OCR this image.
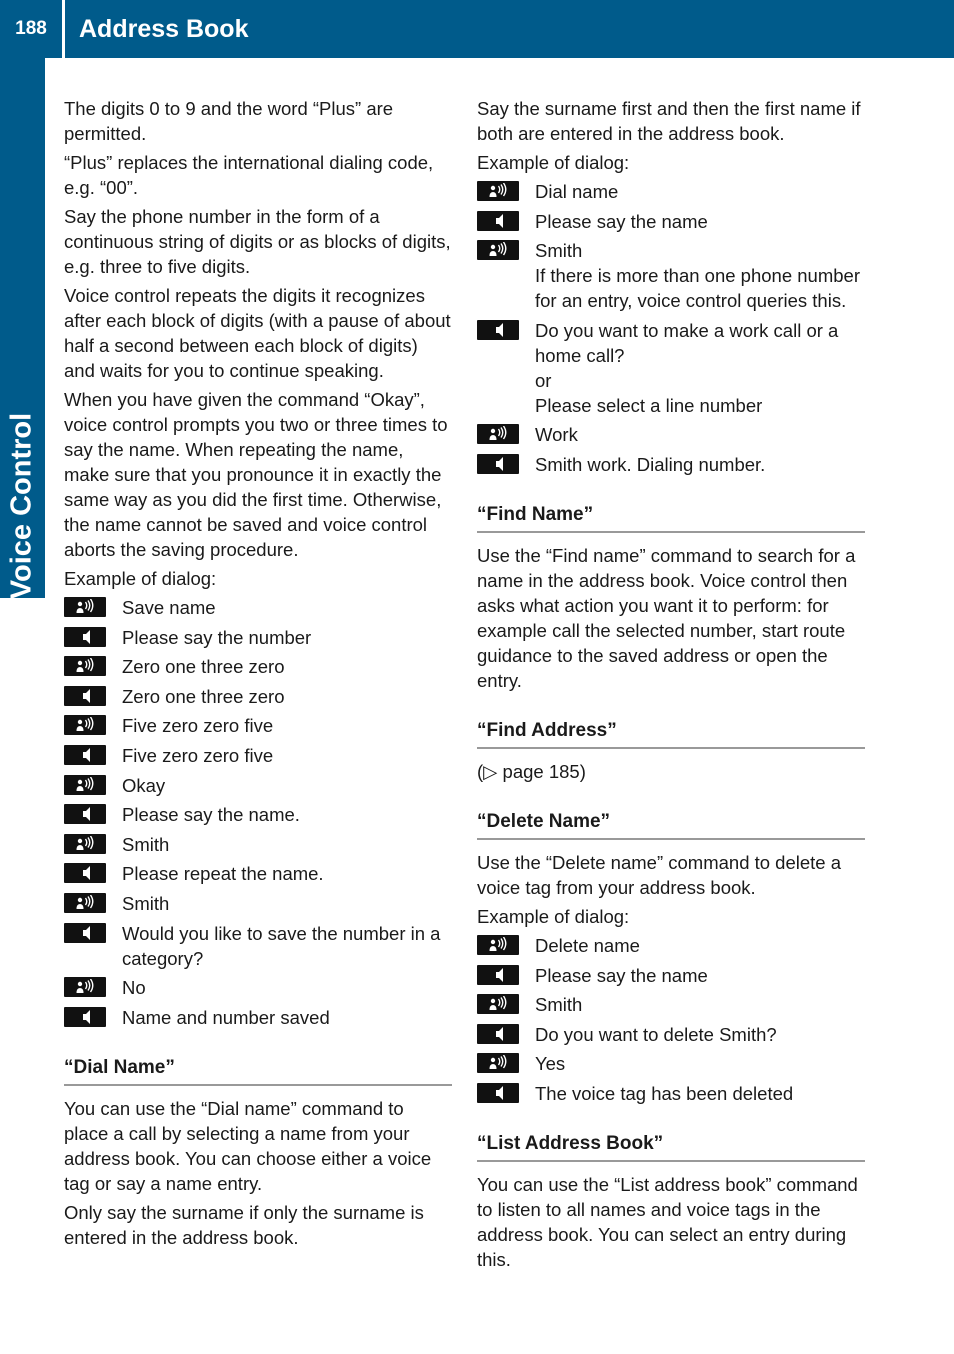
188	Address Book
Voice Control

The digits 0 to 9 and the word “Plus” are permitted.

“Plus” replaces the international dialing code, e.g. “00”.

Say the phone number in the form of a continuous string of digits or as blocks of digits, e.g. three to five digits.

Voice control repeats the digits it recognizes after each block of digits (with a pause of about half a second between each block of digits) and waits for you to continue speaking.

When you have given the command “Okay”, voice control prompts you two or three times to say the name. When repeating the name, make sure that you pronounce it in exactly the same way as you did the first time. Otherwise, the name cannot be saved and voice control aborts the saving procedure.

Example of dialog:

Save name
Please say the number
Zero one three zero
Zero one three zero
Five zero zero five
Five zero zero five
Okay
Please say the name.
Smith
Please repeat the name.
Smith
Would you like to save the number in a category?
No
Name and number saved
“Dial Name”

You can use the “Dial name” command to place a call by selecting a name from your address book. You can choose either a voice tag or say a name entry.

Only say the surname if only the surname is entered in the address book.

Say the surname first and then the first name if both are entered in the address book.

Example of dialog:

Dial name
Please say the name
Smith
If there is more than one phone number for an entry, voice control queries this.
Do you want to make a work call or a home call?
or
Please select a line number
Work
Smith work. Dialing number.
“Find Name”

Use the “Find name” command to search for a name in the address book. Voice control then asks what action you want it to perform: for example call the selected number, start route guidance to the saved address or open the entry.

“Find Address”

(▷ page 185)

“Delete Name”

Use the “Delete name” command to delete a voice tag from your address book.

Example of dialog:

Delete name
Please say the name
Smith
Do you want to delete Smith?
Yes
The voice tag has been deleted
“List Address Book”

You can use the “List address book” command to listen to all names and voice tags in the address book. You can select an entry during this.
